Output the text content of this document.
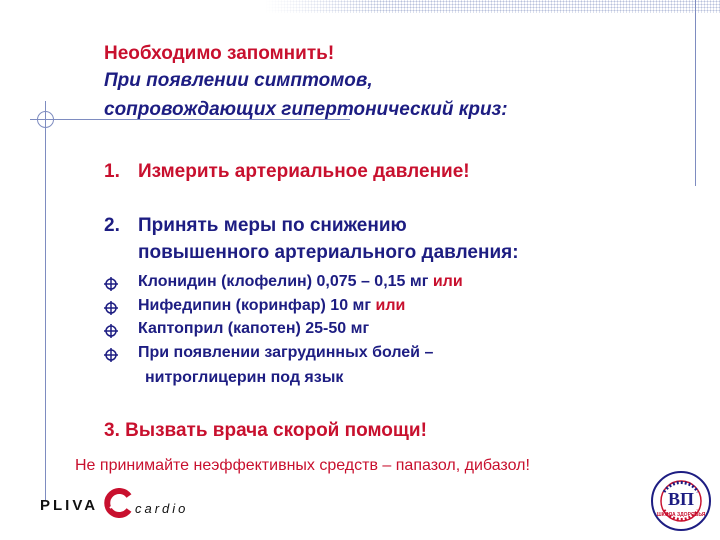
Необходимо запомнить!
При появлении симптомов,
сопровождающих гипертонический криз:
1. Измерить артериальное давление!
2. Принять меры по снижению
повышенного артериального давления:
Клонидин (клофелин) 0,075 – 0,15 мг или
Нифедипин (коринфар) 10 мг или
Каптоприл (капотен) 25-50 мг
При появлении загрудинных болей –
нитроглицерин под язык
3. Вызвать врача скорой помощи!
Не принимайте неэффективных средств – папазол, дибазол!
PLIVA	cardio	ВП
ШКОЛА ЗДОРОВЬЯ
